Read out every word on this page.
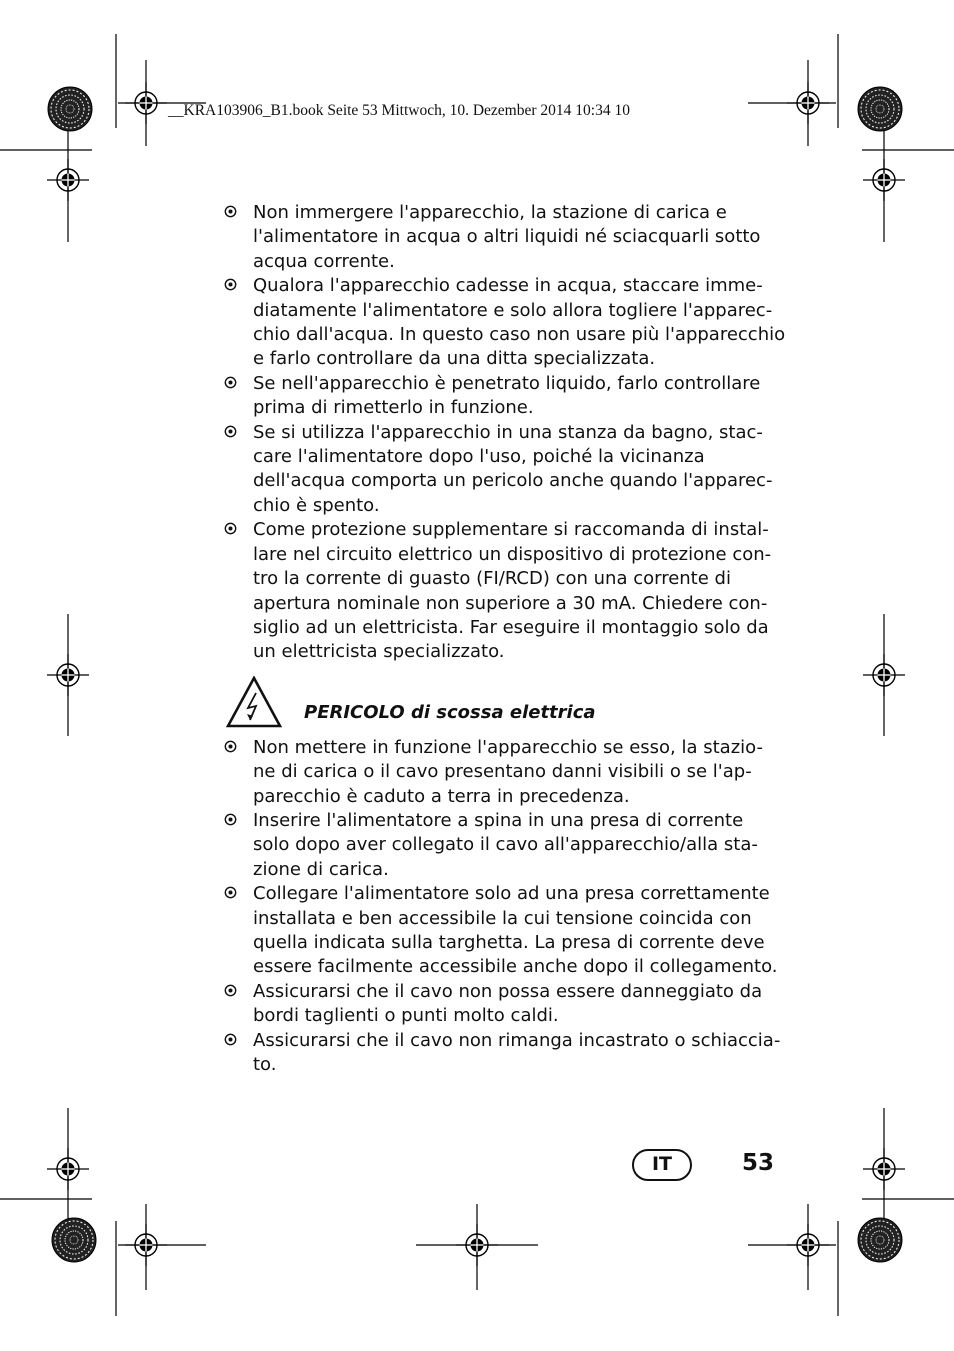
__KRA103906_B1.book Seite 53 Mittwoch, 10. Dezember 2014 10:34 10
Non immergere l'apparecchio, la stazione di carica e
l'alimentatore in acqua o altri liquidi né sciacquarli sotto
acqua corrente.
Qualora l'apparecchio cadesse in acqua, staccare imme-
diatamente l'alimentatore e solo allora togliere l'apparec-
chio dall'acqua. In questo caso non usare più l'apparecchio
e farlo controllare da una ditta specializzata.
Se nell'apparecchio è penetrato liquido, farlo controllare
prima di rimetterlo in funzione.
Se si utilizza l'apparecchio in una stanza da bagno, stac-
care l'alimentatore dopo l'uso, poiché la vicinanza
dell'acqua comporta un pericolo anche quando l'apparec-
chio è spento.
Come protezione supplementare si raccomanda di instal-
lare nel circuito elettrico un dispositivo di protezione con-
tro la corrente di guasto (FI/RCD) con una corrente di
apertura nominale non superiore a 30 mA. Chiedere con-
siglio ad un elettricista. Far eseguire il montaggio solo da
un elettricista specializzato.
PERICOLO di scossa elettrica
Non mettere in funzione l'apparecchio se esso, la stazio-
ne di carica o il cavo presentano danni visibili o se l'ap-
parecchio è caduto a terra in precedenza.
Inserire l'alimentatore a spina in una presa di corrente
solo dopo aver collegato il cavo all'apparecchio/alla sta-
zione di carica.
Collegare l'alimentatore solo ad una presa correttamente
installata e ben accessibile la cui tensione coincida con
quella indicata sulla targhetta. La presa di corrente deve
essere facilmente accessibile anche dopo il collegamento.
Assicurarsi che il cavo non possa essere danneggiato da
bordi taglienti o punti molto caldi.
Assicurarsi che il cavo non rimanga incastrato o schiaccia-
to.
IT	53
